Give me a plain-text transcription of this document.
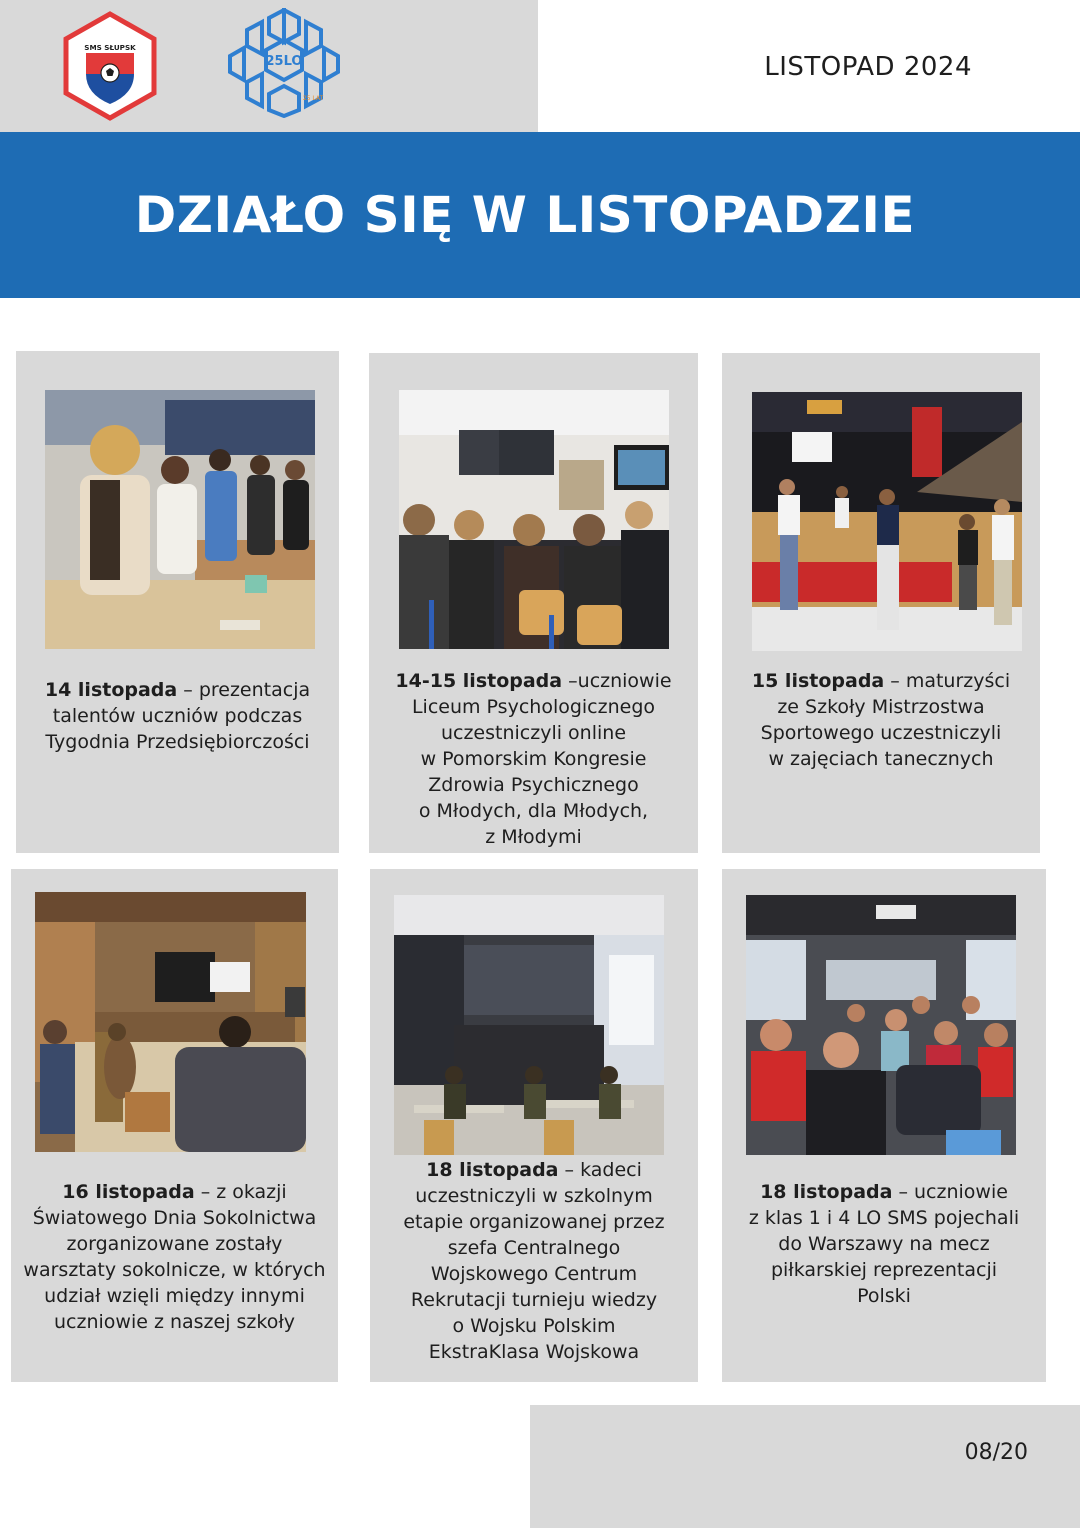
SMS SŁUPSK
25LO
25 LAT
LISTOPAD 2024
DZIAŁO SIĘ W LISTOPADZIE
14 listopada – prezentacja
talentów uczniów podczas
Tygodnia Przedsiębiorczości
14-15 listopada –uczniowie
Liceum Psychologicznego
uczestniczyli online
w Pomorskim Kongresie
Zdrowia Psychicznego
o Młodych, dla Młodych,
z Młodymi
15 listopada – maturzyści
ze Szkoły Mistrzostwa
Sportowego uczestniczyli
w zajęciach tanecznych
16 listopada – z okazji
Światowego Dnia Sokolnictwa
zorganizowane zostały
warsztaty sokolnicze, w których
udział wzięli między innymi
uczniowie z naszej szkoły
18 listopada – kadeci
uczestniczyli w szkolnym
etapie organizowanej przez
szefa Centralnego
Wojskowego Centrum
Rekrutacji turnieju wiedzy
o Wojsku Polskim
EkstraKlasa Wojskowa
18 listopada – uczniowie
z klas 1 i 4 LO SMS pojechali
do Warszawy na mecz
piłkarskiej reprezentacji
Polski
08/20
